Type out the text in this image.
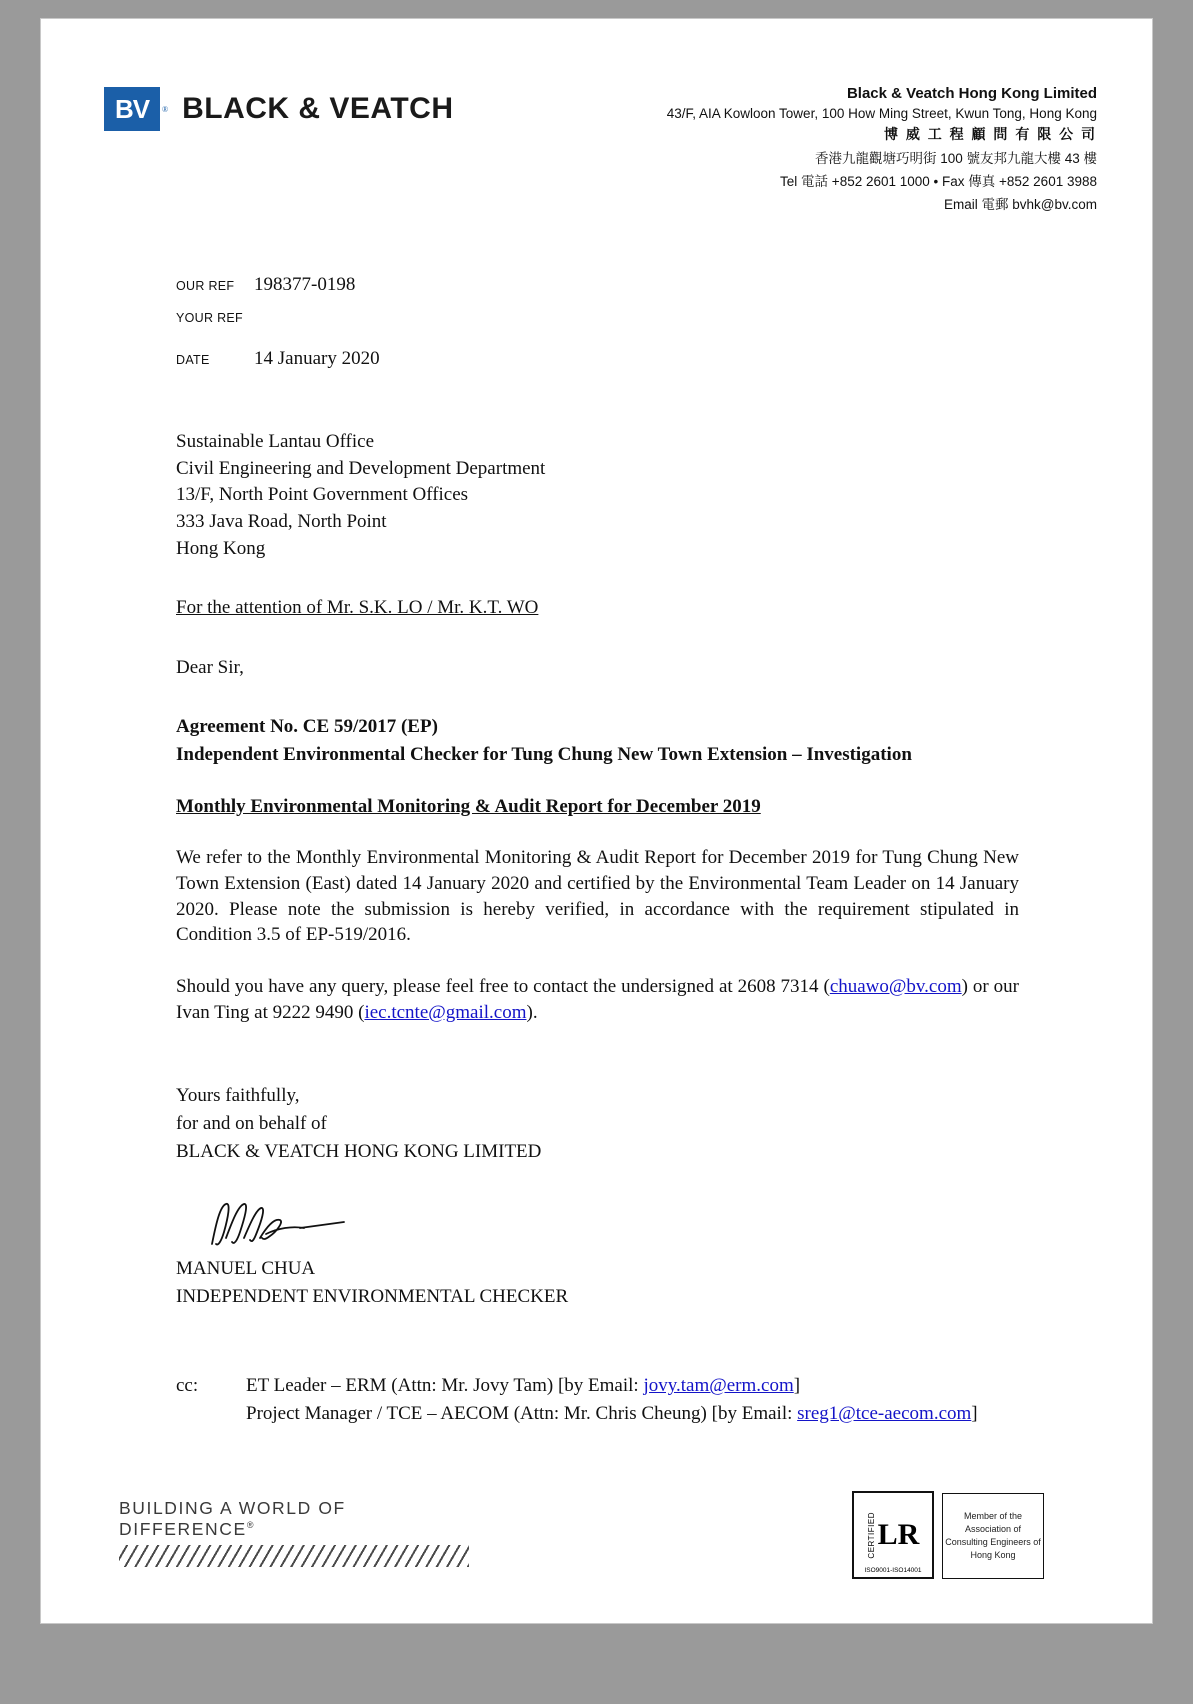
BV	® BLACK & VEATCH	Black & Veatch Hong Kong Limited
43/F, AIA Kowloon Tower, 100 How Ming Street, Kwun Tong, Hong Kong
博 威 工 程 顧 問 有 限 公 司
香港九龍觀塘巧明街 100 號友邦九龍大樓 43 樓
Tel 電話 +852 2601 1000 • Fax 傳真 +852 2601 3988
Email 電郵 bvhk@bv.com
OUR REF	198377-0198
YOUR REF
DATE	14 January 2020
Sustainable Lantau Office
Civil Engineering and Development Department
13/F, North Point Government Offices
333 Java Road, North Point
Hong Kong
For the attention of Mr. S.K. LO / Mr. K.T. WO
Dear Sir,
Agreement No. CE 59/2017 (EP)
Independent Environmental Checker for Tung Chung New Town Extension – Investigation
Monthly Environmental Monitoring & Audit Report for December 2019

We refer to the Monthly Environmental Monitoring & Audit Report for December 2019 for Tung Chung New Town Extension (East) dated 14 January 2020 and certified by the Environmental Team Leader on 14 January 2020. Please note the submission is hereby verified, in accordance with the requirement stipulated in Condition 3.5 of EP-519/2016.

Should you have any query, please feel free to contact the undersigned at 2608 7314 (chuawo@bv.com) or our Ivan Ting at 9222 9490 (iec.tcnte@gmail.com).

Yours faithfully,
for and on behalf of
BLACK & VEATCH HONG KONG LIMITED
MANUEL CHUA
INDEPENDENT ENVIRONMENTAL CHECKER
cc:	ET Leader – ERM (Attn: Mr. Jovy Tam) [by Email: jovy.tam@erm.com]
Project Manager / TCE – AECOM (Attn: Mr. Chris Cheung) [by Email: sreg1@tce-aecom.com]
BUILDING A WORLD OF DIFFERENCE®	CERTIFIED LR
ISO9001-ISO14001
Member of the Association of Consulting Engineers of Hong Kong
